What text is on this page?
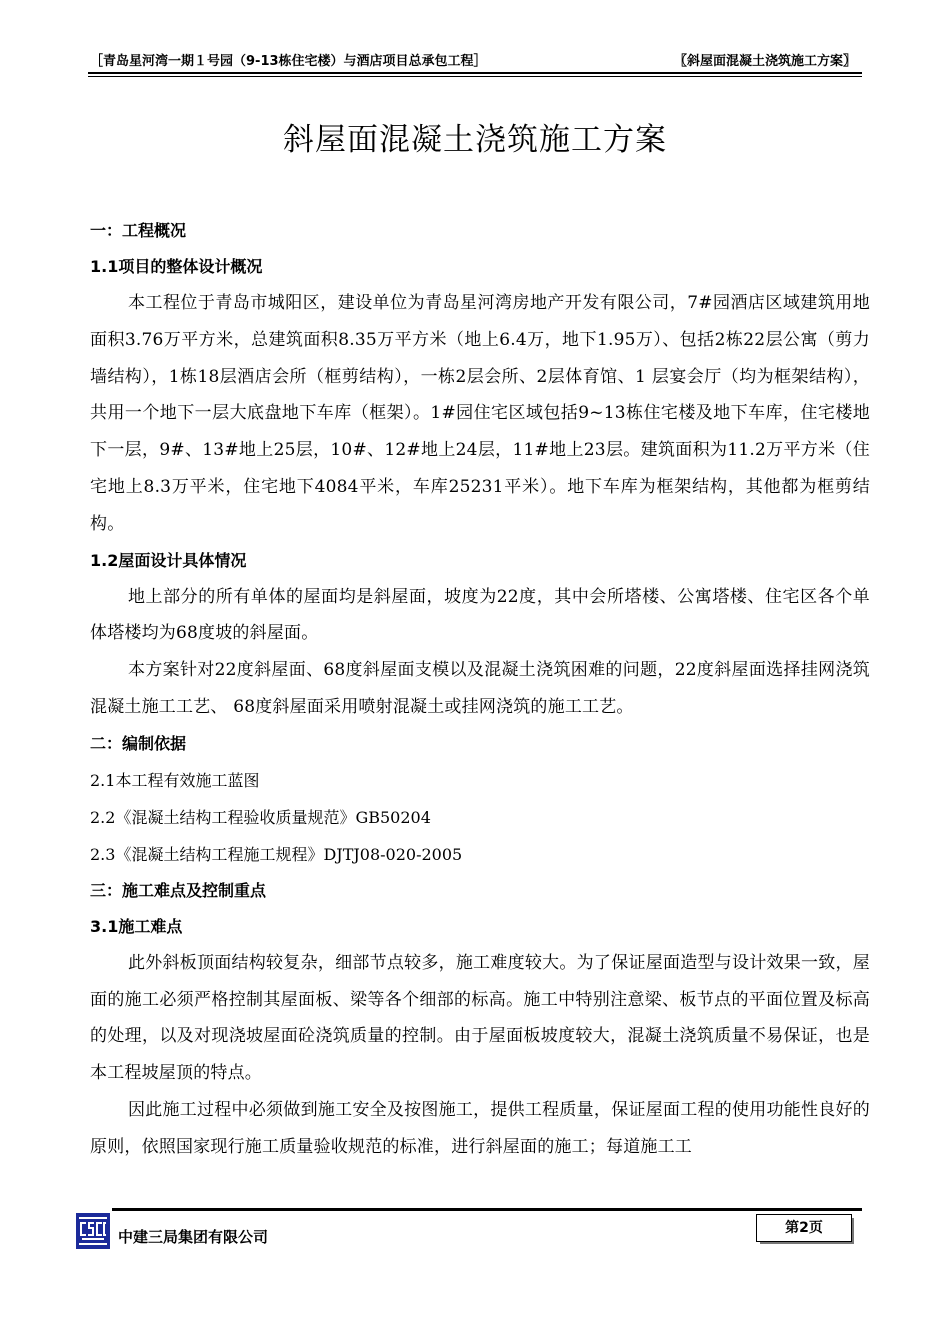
［青岛星河湾一期１号园（9-13栋住宅楼）与酒店项目总承包工程］	〖斜屋面混凝土浇筑施工方案〗
斜屋面混凝土浇筑施工方案
一：工程概况
1.1项目的整体设计概况

本工程位于青岛市城阳区，建设单位为青岛星河湾房地产开发有限公司，7#园酒店区域建筑用地面积3.76万平方米，总建筑面积8.35万平方米（地上6.4万，地下1.95万）、包括2栋22层公寓（剪力墙结构），1栋18层酒店会所（框剪结构），一栋2层会所、2层体育馆、1 层宴会厅（均为框架结构），共用一个地下一层大底盘地下车库（框架）。1#园住宅区域包括9~13栋住宅楼及地下车库，住宅楼地下一层，9#、13#地上25层，10#、12#地上24层，11#地上23层。建筑面积为11.2万平方米（住宅地上8.3万平米，住宅地下4084平米，车库25231平米）。地下车库为框架结构，其他都为框剪结构。

1.2屋面设计具体情况

地上部分的所有单体的屋面均是斜屋面，坡度为22度，其中会所塔楼、公寓塔楼、住宅区各个单体塔楼均为68度坡的斜屋面。

本方案针对22度斜屋面、68度斜屋面支模以及混凝土浇筑困难的问题，22度斜屋面选择挂网浇筑混凝土施工工艺、 68度斜屋面采用喷射混凝土或挂网浇筑的施工工艺。

二：编制依据
2.1本工程有效施工蓝图
2.2《混凝土结构工程验收质量规范》GB50204
2.3《混凝土结构工程施工规程》DJTJ08-020-2005
三：施工难点及控制重点
3.1施工难点

此外斜板顶面结构较复杂，细部节点较多，施工难度较大。为了保证屋面造型与设计效果一致，屋面的施工必须严格控制其屋面板、梁等各个细部的标高。施工中特别注意梁、板节点的平面位置及标高的处理，以及对现浇坡屋面砼浇筑质量的控制。由于屋面板坡度较大，混凝土浇筑质量不易保证，也是本工程坡屋顶的特点。

因此施工过程中必须做到施工安全及按图施工，提供工程质量，保证屋面工程的使用功能性良好的原则，依照国家现行施工质量验收规范的标准，进行斜屋面的施工；每道施工工

中建三局集团有限公司	第2页
